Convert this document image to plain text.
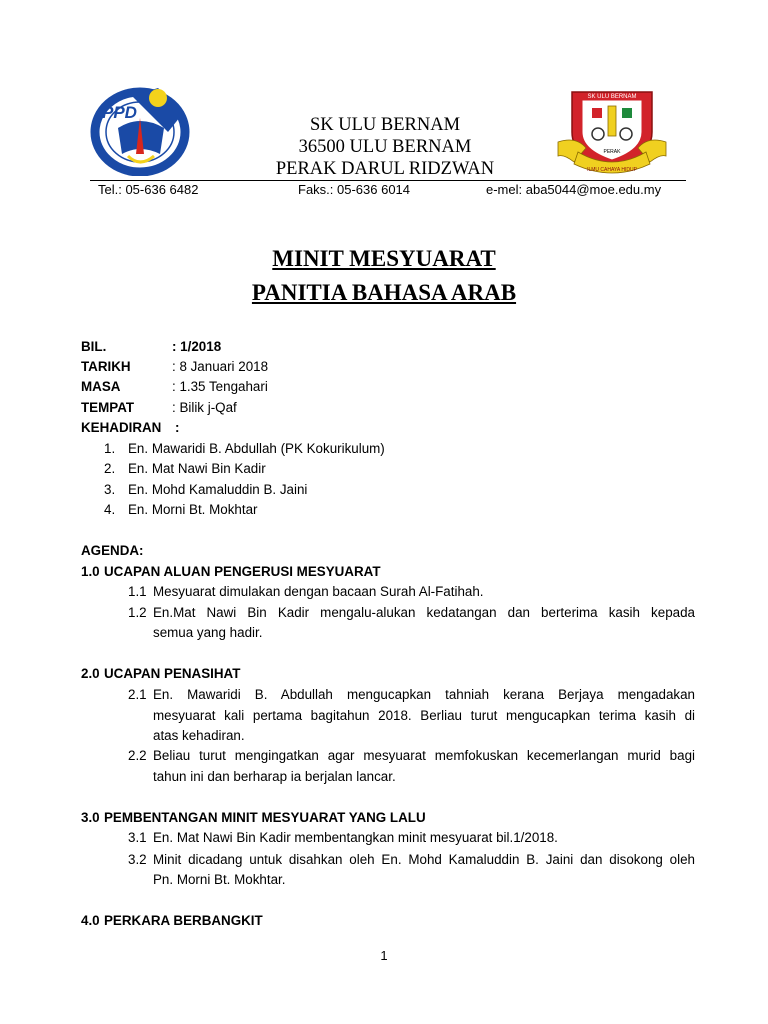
PPD
SK ULU BERNAM
PERAK
ILMU CAHAYA HIDUP
SK ULU BERNAM
36500 ULU BERNAM
PERAK DARUL RIDZWAN
Tel.: 05-636 6482	Faks.: 05-636 6014	e-mel: aba5044@moe.edu.my
MINIT MESYUARAT
PANITIA BAHASA ARAB
BIL.	: 1/2018
TARIKH	: 8 Januari 2018
MASA	: 1.35 Tengahari
TEMPAT	: Bilik j-Qaf
KEHADIRAN :
1. En. Mawaridi B. Abdullah (PK Kokurikulum)
2. En. Mat Nawi Bin Kadir
3. En. Mohd Kamaluddin B. Jaini
4. En. Morni Bt. Mokhtar
AGENDA:
1.0 UCAPAN ALUAN PENGERUSI MESYUARAT
1.1 Mesyuarat dimulakan dengan bacaan Surah Al-Fatihah.
1.2 En.Mat Nawi Bin Kadir mengalu-alukan kedatangan dan berterima kasih kepada
semua yang hadir.
2.0 UCAPAN PENASIHAT
2.1 En. Mawaridi B. Abdullah mengucapkan tahniah kerana Berjaya mengadakan
mesyuarat kali pertama bagitahun 2018. Berliau turut mengucapkan terima kasih di
atas kehadiran.
2.2 Beliau turut mengingatkan agar mesyuarat memfokuskan kecemerlangan murid bagi
tahun ini dan berharap ia berjalan lancar.
3.0 PEMBENTANGAN MINIT MESYUARAT YANG LALU
3.1 En. Mat Nawi Bin Kadir membentangkan minit mesyuarat bil.1/2018.
3.2 Minit dicadang untuk disahkan oleh En. Mohd Kamaluddin B. Jaini dan disokong oleh
Pn. Morni Bt. Mokhtar.
4.0 PERKARA BERBANGKIT
1
